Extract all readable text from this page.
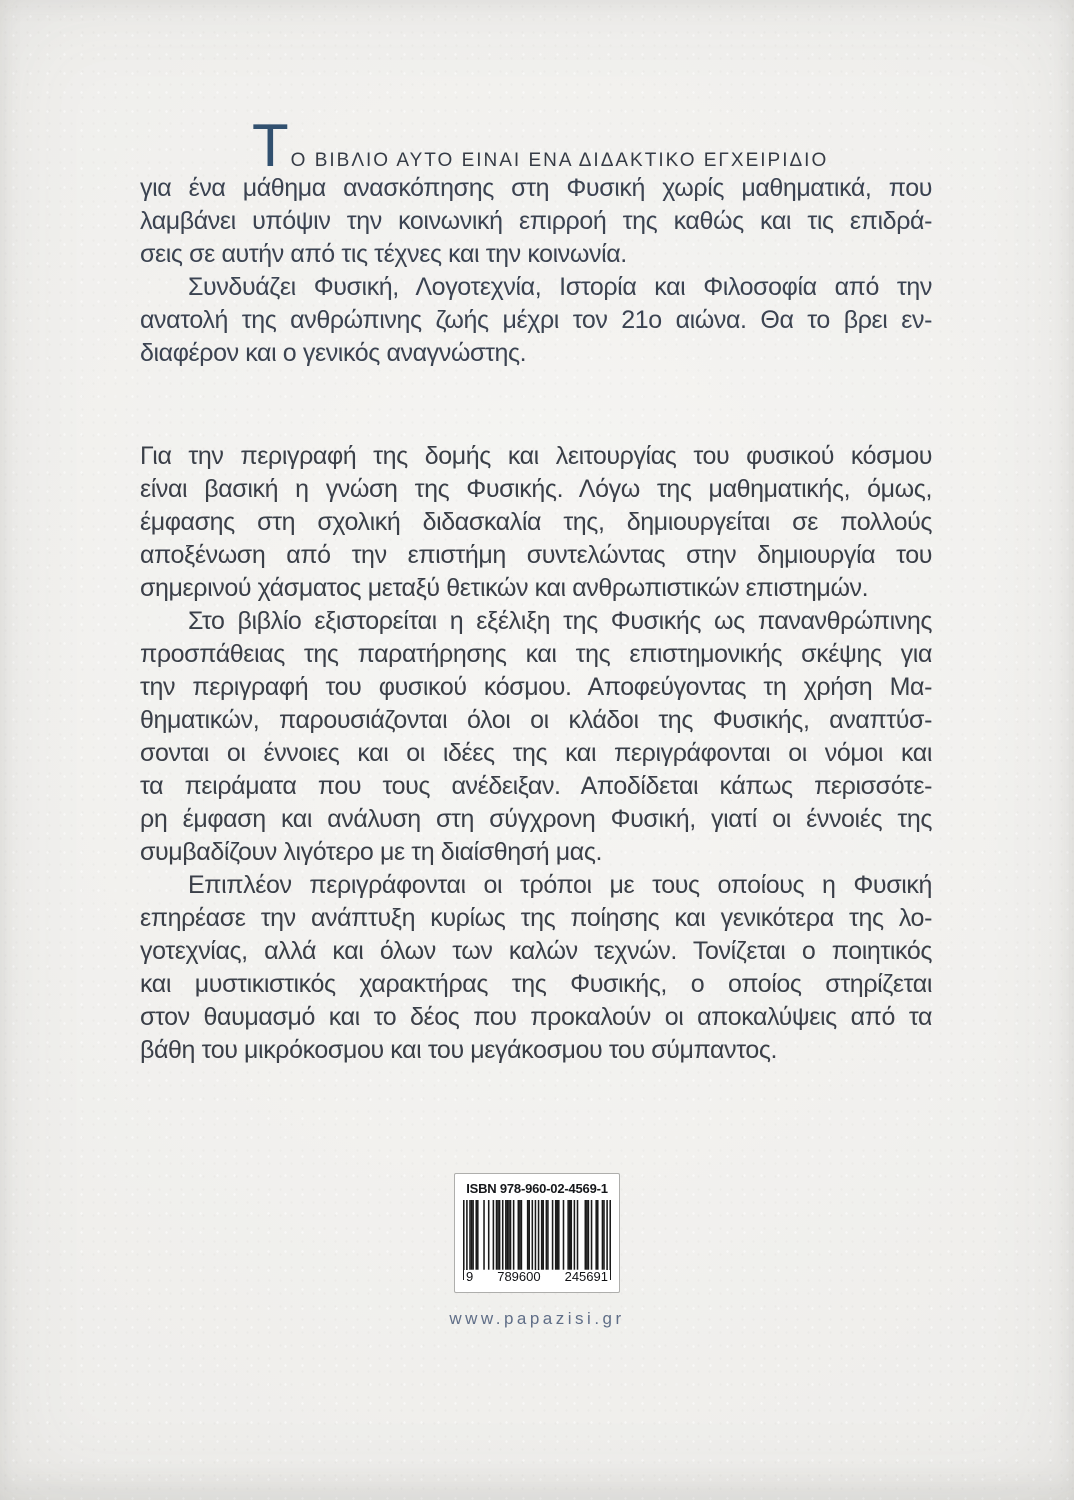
Τ Ο ΒΙΒΛΙΟ ΑΥΤΟ ΕΙΝΑΙ ΕΝΑ ΔΙΔΑΚΤΙΚΟ ΕΓΧΕΙΡΙΔΙΟ
για ένα μάθημα ανασκόπησης στη Φυσική χωρίς μαθηματικά, που
λαμβάνει υπόψιν την κοινωνική επιρροή της καθώς και τις επιδρά-
σεις σε αυτήν από τις τέχνες και την κοινωνία.
Συνδυάζει Φυσική, Λογοτεχνία, Ιστορία και Φιλοσοφία από την
ανατολή της ανθρώπινης ζωής μέχρι τον 21ο αιώνα. Θα το βρει εν-
διαφέρον και ο γενικός αναγνώστης.
Για την περιγραφή της δομής και λειτουργίας του φυσικού κόσμου
είναι βασική η γνώση της Φυσικής. Λόγω της μαθηματικής, όμως,
έμφασης στη σχολική διδασκαλία της, δημιουργείται σε πολλούς
αποξένωση από την επιστήμη συντελώντας στην δημιουργία του
σημερινού χάσματος μεταξύ θετικών και ανθρωπιστικών επιστημών.
Στο βιβλίο εξιστορείται η εξέλιξη της Φυσικής ως πανανθρώπινης
προσπάθειας της παρατήρησης και της επιστημονικής σκέψης για
την περιγραφή του φυσικού κόσμου. Αποφεύγοντας τη χρήση Μα-
θηματικών, παρουσιάζονται όλοι οι κλάδοι της Φυσικής, αναπτύσ-
σονται οι έννοιες και οι ιδέες της και περιγράφονται οι νόμοι και
τα πειράματα που τους ανέδειξαν. Αποδίδεται κάπως περισσότε-
ρη έμφαση και ανάλυση στη σύγχρονη Φυσική, γιατί οι έννοιές της
συμβαδίζουν λιγότερο με τη διαίσθησή μας.
Επιπλέον περιγράφονται οι τρόποι με τους οποίους η Φυσική
επηρέασε την ανάπτυξη κυρίως της ποίησης και γενικότερα της λο-
γοτεχνίας, αλλά και όλων των καλών τεχνών. Τονίζεται ο ποιητικός
και μυστικιστικός χαρακτήρας της Φυσικής, ο οποίος στηρίζεται
στον θαυμασμό και το δέος που προκαλούν οι αποκαλύψεις από τα
βάθη του μικρόκοσμου και του μεγάκοσμου του σύμπαντος.
ISBN 978-960-02-4569-1
9 789600 245691
www.papazisi.gr
